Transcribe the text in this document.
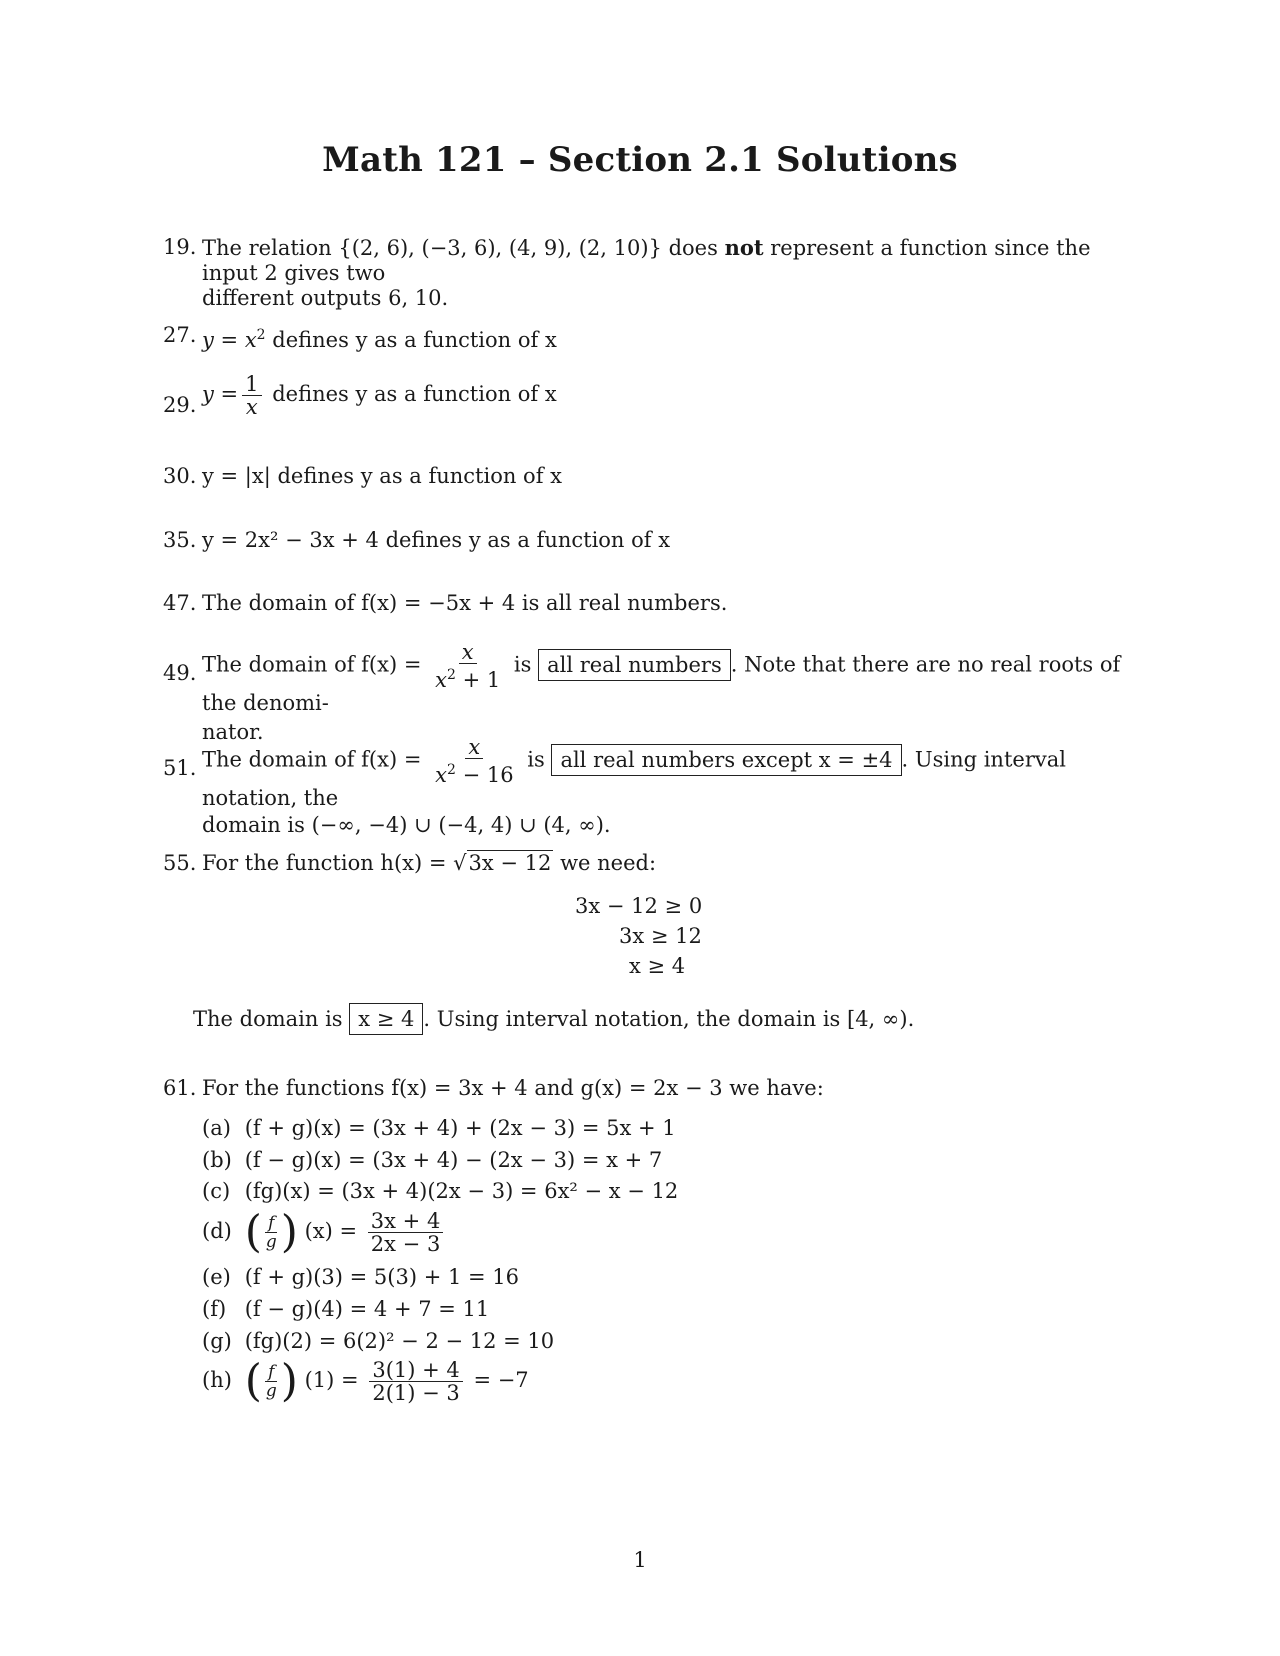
Math 121 – Section 2.1 Solutions
19. The relation {(2, 6), (−3, 6), (4, 9), (2, 10)} does not represent a function since the input 2 gives two
different outputs 6, 10.
27. $y = x^2$ defines y as a function of x
29. $y = \frac{1}{x}$ defines y as a function of x
30. y = |x| defines y as a function of x
35. y = 2x² − 3x + 4 defines y as a function of x
47. The domain of f(x) = −5x + 4 is all real numbers.
49. The domain of $f(x) = \frac{x}{x^2 + 1}$ is all real numbers . Note that there are no real roots of the denomi-
nator.
51. The domain of $f(x) = \frac{x}{x^2 - 16}$ is all real numbers except x = ±4 . Using interval notation, the
domain is (−∞, −4) ∪ (−4, 4) ∪ (4, ∞).
55. For the function h(x) = √3x − 12 we need:
3x − 12 ≥ 0
3x ≥ 12
x ≥ 4
The domain is x ≥ 4 . Using interval notation, the domain is [4, ∞).
61. For the functions f(x) = 3x + 4 and g(x) = 2x − 3 we have:
(a) (f + g)(x) = (3x + 4) + (2x − 3) = 5x + 1
(b) (f − g)(x) = (3x + 4) − (2x − 3) = x + 7
(c) (fg)(x) = (3x + 4)(2x − 3) = 6x² − x − 12
(d) ( $\frac{f}{g}$ ) $(x) = \frac{3x + 4}{2x - 3}$
(e) (f + g)(3) = 5(3) + 1 = 16
(f) (f − g)(4) = 4 + 7 = 11
(g) (fg)(2) = 6(2)² − 2 − 12 = 10
(h) ( $\frac{f}{g}$ ) $(1) = \frac{3(1) + 4}{2(1) - 3} = -7$
1
